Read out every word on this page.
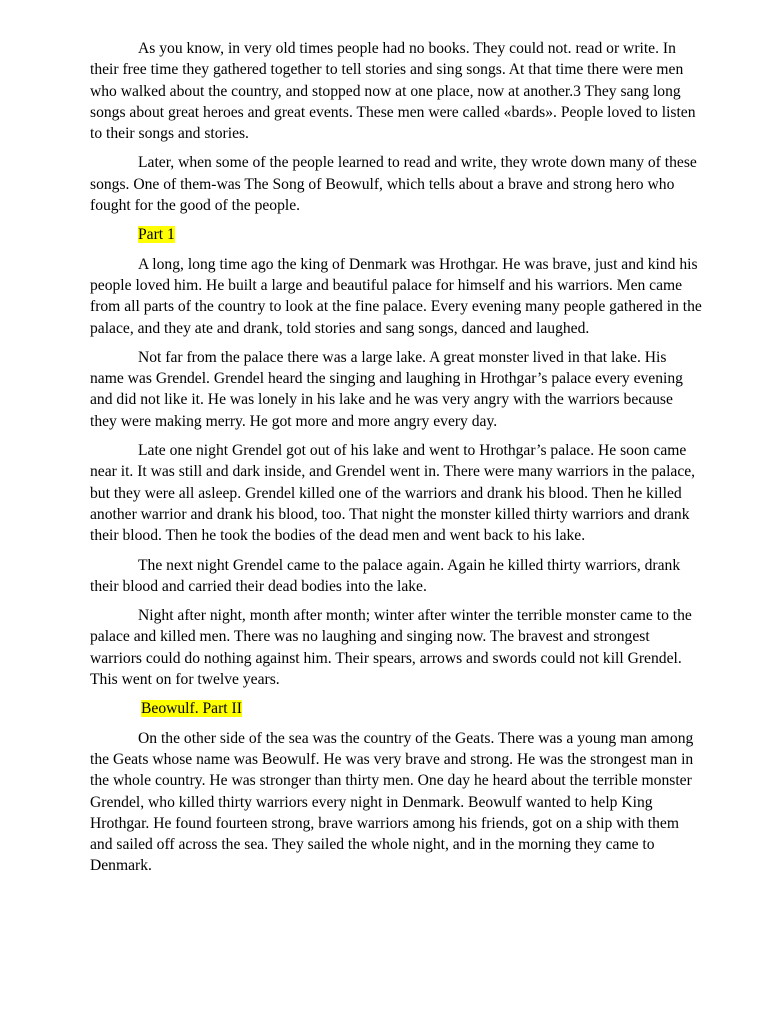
As you know, in very old times people had no books. They could not. read or write. In their free time they gathered together to tell stories and sing songs. At that time there were men who walked about the country, and stopped now at one place, now at another.3 They sang long songs about great heroes and great events. These men were called «bards». People loved to listen to their songs and stories.

Later, when some of the people learned to read and write, they wrote down many of these songs. One of them-was The Song of Beowulf, which tells about a brave and strong hero who fought for the good of the people.

Part 1

A long, long time ago the king of Denmark was Hrothgar. He was brave, just and kind his people loved him. He built a large and beautiful palace for himself and his warriors. Men came from all parts of the country to look at the fine palace. Every evening many people gathered in the palace, and they ate and drank, told stories and sang songs, danced and laughed.

Not far from the palace there was a large lake. A great monster lived in that lake. His name was Grendel. Grendel heard the singing and laughing in Hrothgar’s palace every evening and did not like it. He was lonely in his lake and he was very angry with the warriors because they were making merry. He got more and more angry every day.

Late one night Grendel got out of his lake and went to Hrothgar’s palace. He soon came near it. It was still and dark inside, and Grendel went in. There were many warriors in the palace, but they were all asleep. Grendel killed one of the warriors and drank his blood. Then he killed another warrior and drank his blood, too. That night the monster killed thirty warriors and drank their blood. Then he took the bodies of the dead men and went back to his lake.

The next night Grendel came to the palace again. Again he killed thirty warriors, drank their blood and carried their dead bodies into the lake.

Night after night, month after month; winter after winter the terrible monster came to the palace and killed men. There was no laughing and singing now. The bravest and strongest warriors could do nothing against him. Their spears, arrows and swords could not kill Grendel. This went on for twelve years.

Beowulf. Part II

On the other side of the sea was the country of the Geats. There was a young man among the Geats whose name was Beowulf. He was very brave and strong. He was the strongest man in the whole country. He was stronger than thirty men. One day he heard about the terrible monster Grendel, who killed thirty warriors every night in Denmark. Beowulf wanted to help King Hrothgar. He found fourteen strong, brave warriors among his friends, got on a ship with them and sailed off across the sea. They sailed the whole night, and in the morning they came to Denmark.
